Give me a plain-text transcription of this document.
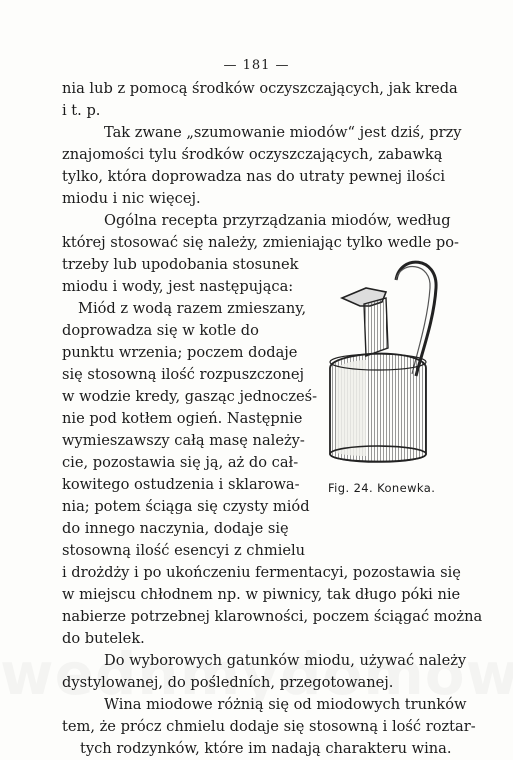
— 181 —
nia lub z pomocą środków oczyszczających, jak kreda
i t. p.
Tak zwane „szumowanie miodów“ jest dziś, przy
znajomości tylu środków oczyszczających, zabawką
tylko, która doprowadza nas do utraty pewnej ilości
miodu i nic więcej.
Ogólna recepta przyrządzania miodów, według
której stosować się należy, zmieniając tylko wedle po-
trzeby lub upodobania stosunek
miodu i wody, jest następująca:
Miód z wodą razem zmieszany,
doprowadza się w kotle do
punktu wrzenia; poczem dodaje
się stosowną ilość rozpuszczonej
w wodzie kredy, gasząc jednocześ-
nie pod kotłem ogień. Następnie
wymieszawszy całą masę należy-
cie, pozostawia się ją, aż do cał-
kowitego ostudzenia i sklarowa-
nia; potem ściąga się czysty miód
do innego naczynia, dodaje się
stosowną ilość esencyi z chmielu
i drożdży i po ukończeniu fermentacyi, pozostawia się
w miejscu chłodnem np. w piwnicy, tak długo póki nie
nabierze potrzebnej klarowności, poczem ściągać można
do butelek.
Do wyborowych gatunków miodu, używać należy
dystylowanej, do pośledních, przegotowanej.
Wina miodowe różnią się od miodowych trunków
tem, że prócz chmielu dodaje się stosowną i lość roztar-
tych rodzynków, które im nadają charakteru wina.
Fig. 24. Konewka.
